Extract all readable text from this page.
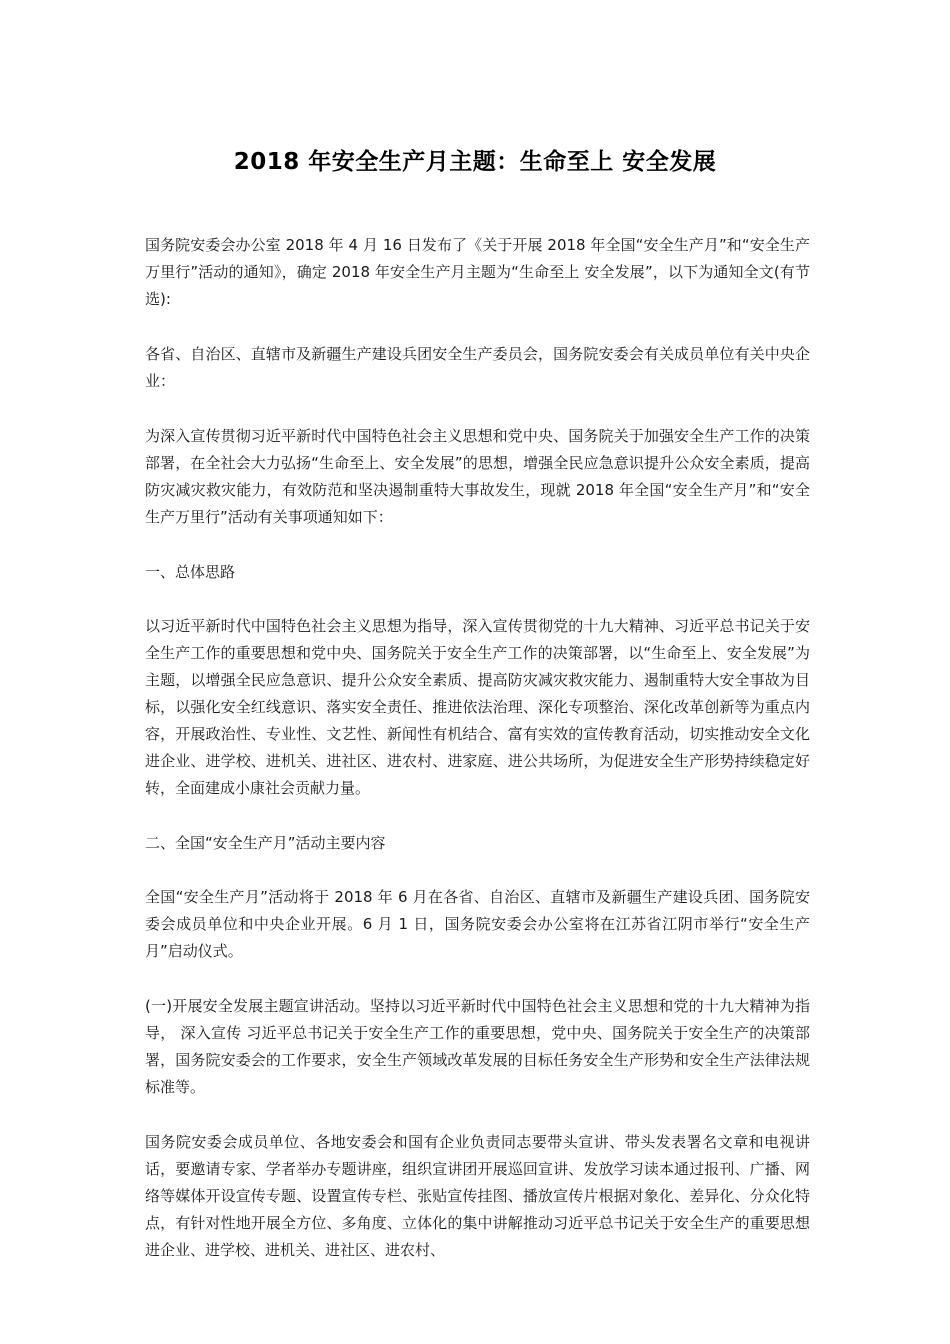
2018 年安全生产月主题：生命至上 安全发展

国务院安委会办公室 2018 年 4 月 16 日发布了《关于开展 2018 年全国“安全生产月”和“安全生产万里行”活动的通知》，确定 2018 年安全生产月主题为“生命至上 安全发展”，以下为通知全文(有节选):

各省、自治区、直辖市及新疆生产建设兵团安全生产委员会，国务院安委会有关成员单位有关中央企业：

为深入宣传贯彻习近平新时代中国特色社会主义思想和党中央、国务院关于加强安全生产工作的决策部署，在全社会大力弘扬“生命至上、安全发展”的思想，增强全民应急意识提升公众安全素质，提高防灾减灾救灾能力，有效防范和坚决遏制重特大事故发生，现就 2018 年全国“安全生产月”和“安全生产万里行”活动有关事项通知如下：

一、总体思路

以习近平新时代中国特色社会主义思想为指导，深入宣传贯彻党的十九大精神、习近平总书记关于安全生产工作的重要思想和党中央、国务院关于安全生产工作的决策部署，以“生命至上、安全发展”为主题，以增强全民应急意识、提升公众安全素质、提高防灾减灾救灾能力、遏制重特大安全事故为目标，以强化安全红线意识、落实安全责任、推进依法治理、深化专项整治、深化改革创新等为重点内容，开展政治性、专业性、文艺性、新闻性有机结合、富有实效的宣传教育活动，切实推动安全文化进企业、进学校、进机关、进社区、进农村、进家庭、进公共场所，为促进安全生产形势持续稳定好转，全面建成小康社会贡献力量。

二、全国“安全生产月”活动主要内容

全国“安全生产月”活动将于 2018 年 6 月在各省、自治区、直辖市及新疆生产建设兵团、国务院安委会成员单位和中央企业开展。6 月 1 日，国务院安委会办公室将在江苏省江阴市举行“安全生产月”启动仪式。

(一)开展安全发展主题宣讲活动。坚持以习近平新时代中国特色社会主义思想和党的十九大精神为指导， 深入宣传 习近平总书记关于安全生产工作的重要思想，党中央、国务院关于安全生产的决策部署，国务院安委会的工作要求，安全生产领域改革发展的目标任务安全生产形势和安全生产法律法规标准等。

国务院安委会成员单位、各地安委会和国有企业负责同志要带头宣讲、带头发表署名文章和电视讲话，要邀请专家、学者举办专题讲座，组织宣讲团开展巡回宣讲、发放学习读本通过报刊、广播、网络等媒体开设宣传专题、设置宣传专栏、张贴宣传挂图、播放宣传片根据对象化、差异化、分众化特点，有针对性地开展全方位、多角度、立体化的集中讲解推动习近平总书记关于安全生产的重要思想进企业、进学校、进机关、进社区、进农村、
